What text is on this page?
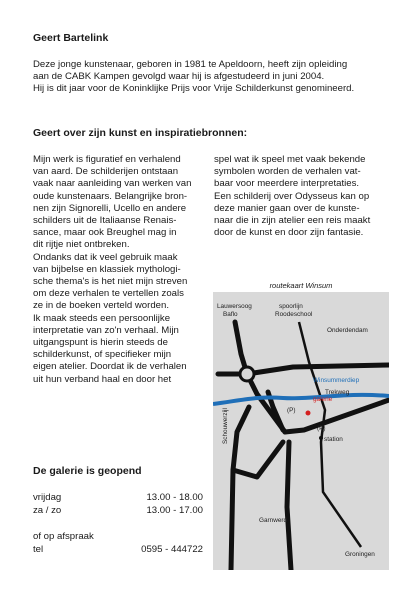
Geert Bartelink
Deze jonge kunstenaar, geboren in 1981 te Apeldoorn, heeft zijn opleiding
aan de CABK Kampen gevolgd waar hij is afgestudeerd in juni 2004.
Hij is dit jaar voor de Koninklijke Prijs voor Vrije Schilderkunst genomineerd.
Geert over zijn kunst en inspiratiebronnen:
Mijn werk is figuratief en verhalend
van aard. De schilderijen ontstaan
vaak naar aanleiding van werken van
oude kunstenaars. Belangrijke bron-
nen zijn Signorelli, Ucello en andere
schilders uit de Italiaanse Renais-
sance, maar ook Breughel mag in
dit rijtje niet ontbreken.
Ondanks dat ik veel gebruik maak
van bijbelse en klassiek mythologi-
sche thema's is het niet mijn streven
om deze verhalen te vertellen zoals
ze in de boeken verteld worden.
Ik maak steeds een persoonlijke
interpretatie van zo'n verhaal. Mijn
uitgangspunt is hierin steeds de
schilderkunst, of specifieker mijn
eigen atelier. Doordat ik de verhalen
uit hun verband haal en door het
spel wat ik speel met vaak bekende
symbolen worden de verhalen vat-
baar voor meerdere interpretaties.
Een schilderij over Odysseus kan op
deze manier gaan over de kunste-
naar die in zijn atelier een reis maakt
door de kunst en door zijn fantasie.
routekaart Winsum
Lauwersoog
Baflo
spoorlijn
Roodeschool
Onderdendam
Winsummerdiep
Trekweg
galerie
(P)
(P)
station
Schouwerzijl
Garnwerd
Groningen
De galerie is geopend
vrijdag	13.00 - 18.00
za / zo	13.00 - 17.00
of op afspraak
tel	0595 - 444722
